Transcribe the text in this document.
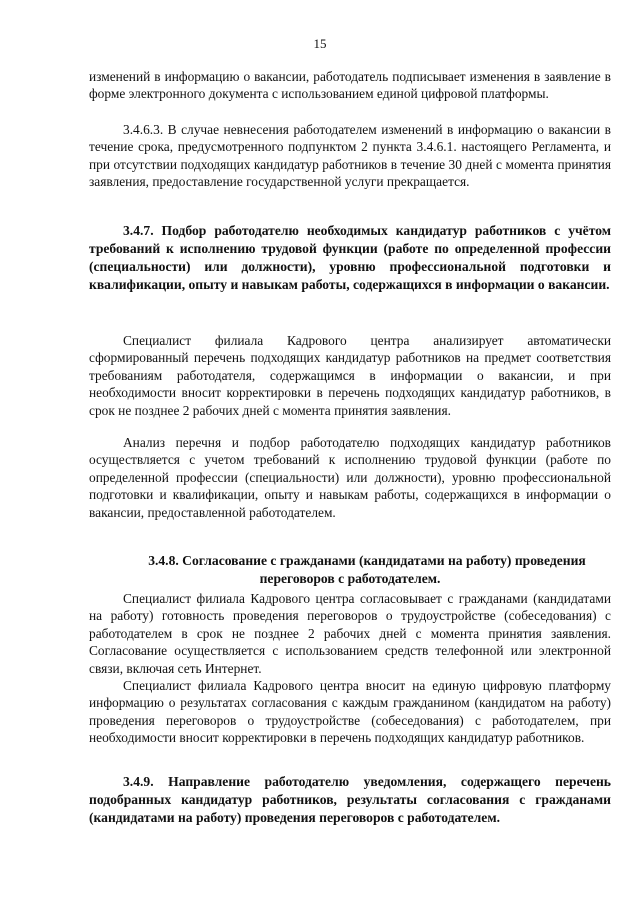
15

изменений в информацию о вакансии, работодатель подписывает изменения в заявление в форме электронного документа с использованием единой цифровой платформы.

3.4.6.3. В случае невнесения работодателем изменений в информацию о вакансии в течение срока, предусмотренного подпунктом 2 пункта 3.4.6.1. настоящего Регламента, и при отсутствии подходящих кандидатур работников в течение 30 дней с момента принятия заявления, предоставление государственной услуги прекращается.

3.4.7. Подбор работодателю необходимых кандидатур работников с учётом требований к исполнению трудовой функции (работе по определенной профессии (специальности) или должности), уровню профессиональной подготовки и квалификации, опыту и навыкам работы, содержащихся в информации о вакансии.

Специалист филиала Кадрового центра анализирует автоматически сформированный перечень подходящих кандидатур работников на предмет соответствия требованиям работодателя, содержащимся в информации о вакансии, и при необходимости вносит корректировки в перечень подходящих кандидатур работников, в срок не позднее 2 рабочих дней с момента принятия заявления.

Анализ перечня и подбор работодателю подходящих кандидатур работников осуществляется с учетом требований к исполнению трудовой функции (работе по определенной профессии (специальности) или должности), уровню профессиональной подготовки и квалификации, опыту и навыкам работы, содержащихся в информации о вакансии, предоставленной работодателем.

3.4.8. Согласование с гражданами (кандидатами на работу) проведения переговоров с работодателем.

Специалист филиала Кадрового центра согласовывает с гражданами (кандидатами на работу) готовность проведения переговоров о трудоустройстве (собеседования) с работодателем в срок не позднее 2 рабочих дней с момента принятия заявления. Согласование осуществляется с использованием средств телефонной или электронной связи, включая сеть Интернет.

Специалист филиала Кадрового центра вносит на единую цифровую платформу информацию о результатах согласования с каждым гражданином (кандидатом на работу) проведения переговоров о трудоустройстве (собеседования) с работодателем, при необходимости вносит корректировки в перечень подходящих кандидатур работников.

3.4.9. Направление работодателю уведомления, содержащего перечень подобранных кандидатур работников, результаты согласования с гражданами (кандидатами на работу) проведения переговоров с работодателем.
